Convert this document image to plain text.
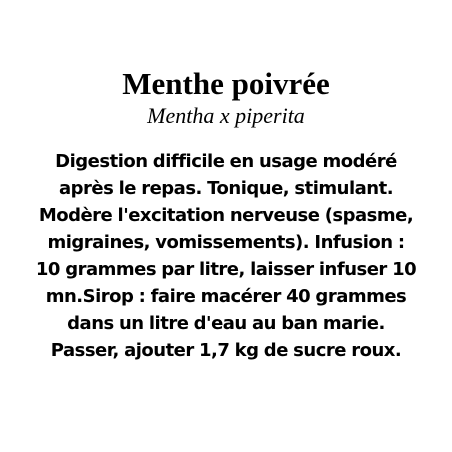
Menthe poivrée

Mentha x piperita

Digestion difficile en usage modéré
après le repas. Tonique, stimulant.
Modère l'excitation nerveuse (spasme,
migraines, vomissements). Infusion :
10 grammes par litre, laisser infuser 10
mn.Sirop : faire macérer 40 grammes
dans un litre d'eau au ban marie.
Passer, ajouter 1,7 kg de sucre roux.
